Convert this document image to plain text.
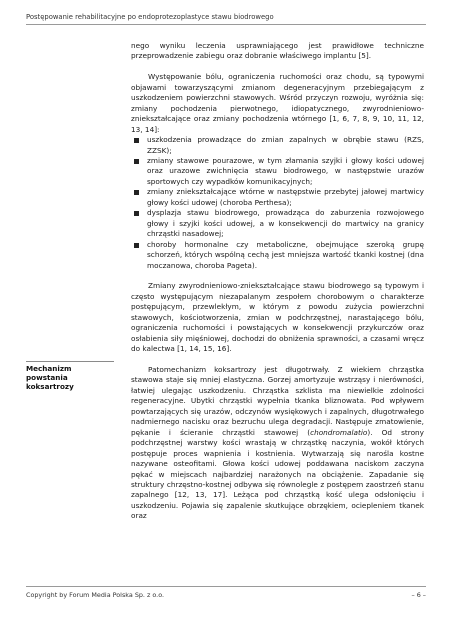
Postępowanie rehabilitacyjne po endoprotezoplastyce stawu biodrowego
Mechanizm
powstania
koksartrozy

nego wyniku leczenia usprawniającego jest prawidłowe techniczne przeprowadzenie zabiegu oraz dobranie właściwego implantu [5].

Występowanie bólu, ograniczenia ruchomości oraz chodu, są typowymi objawami towarzyszącymi zmianom degeneracyjnym przebiegającym z uszkodzeniem powierzchni stawowych. Wśród przyczyn rozwoju, wyróżnia się: zmiany pochodzenia pierwotnego, idiopatycznego, zwyrodnieniowo-zniekształcające oraz zmiany pochodzenia wtórnego [1, 6, 7, 8, 9, 10, 11, 12, 13, 14]:

uszkodzenia prowadzące do zmian zapalnych w obrębie stawu (RZS, ZZSK);
zmiany stawowe pourazowe, w tym złamania szyjki i głowy kości udowej oraz urazowe zwichnięcia stawu biodrowego, w następstwie urazów sportowych czy wypadków komunikacyjnych;
zmiany zniekształcające wtórne w następstwie przebytej jałowej martwicy głowy kości udowej (choroba Perthesa);
dysplazja stawu biodrowego, prowadząca do zaburzenia rozwojowego głowy i szyjki kości udowej, a w konsekwencji do martwicy na granicy chrząstki nasadowej;
choroby hormonalne czy metaboliczne, obejmujące szeroką grupę schorzeń, których wspólną cechą jest mniejsza wartość tkanki kostnej (dna moczanowa, choroba Pageta).

Zmiany zwyrodnieniowo-zniekształcające stawu biodrowego są typowym i często występującym niezapalanym zespołem chorobowym o charakterze postępującym, przewlekłym, w którym z powodu zużycia powierzchni stawowych, kościotworzenia, zmian w podchrzęstnej, narastającego bólu, ograniczenia ruchomości i powstających w konsekwencji przykurczów oraz osłabienia siły mięśniowej, dochodzi do obniżenia sprawności, a czasami wręcz do kalectwa [1, 14, 15, 16].

Patomechanizm koksartrozy jest długotrwały. Z wiekiem chrząstka stawowa staje się mniej elastyczna. Gorzej amortyzuje wstrząsy i nierówności, łatwiej ulegając uszkodzeniu. Chrząstka szklista ma niewielkie zdolności regeneracyjne. Ubytki chrząstki wypełnia tkanka bliznowata. Pod wpływem powtarzających się urazów, odczynów wysiękowych i zapalnych, długotrwałego nadmiernego nacisku oraz bezruchu ulega degradacji. Następuje zmatowienie, pękanie i ścieranie chrząstki stawowej (chondromalatio). Od strony podchrzęstnej warstwy kości wrastają w chrząstkę naczynia, wokół których postępuje proces wapnienia i kostnienia. Wytwarzają się narośla kostne nazywane osteofitami. Głowa kości udowej poddawana naciskom zaczyna pękać w miejscach najbardziej narażonych na obciążenie. Zapadanie się struktury chrzęstno-kostnej odbywa się równolegle z postępem zaostrzeń stanu zapalnego [12, 13, 17]. Leżąca pod chrząstką kość ulega odsłonięciu i uszkodzeniu. Pojawia się zapalenie skutkujące obrzękiem, ociepleniem tkanek oraz

Copyright by Forum Media Polska Sp. z o.o.	– 6 –
